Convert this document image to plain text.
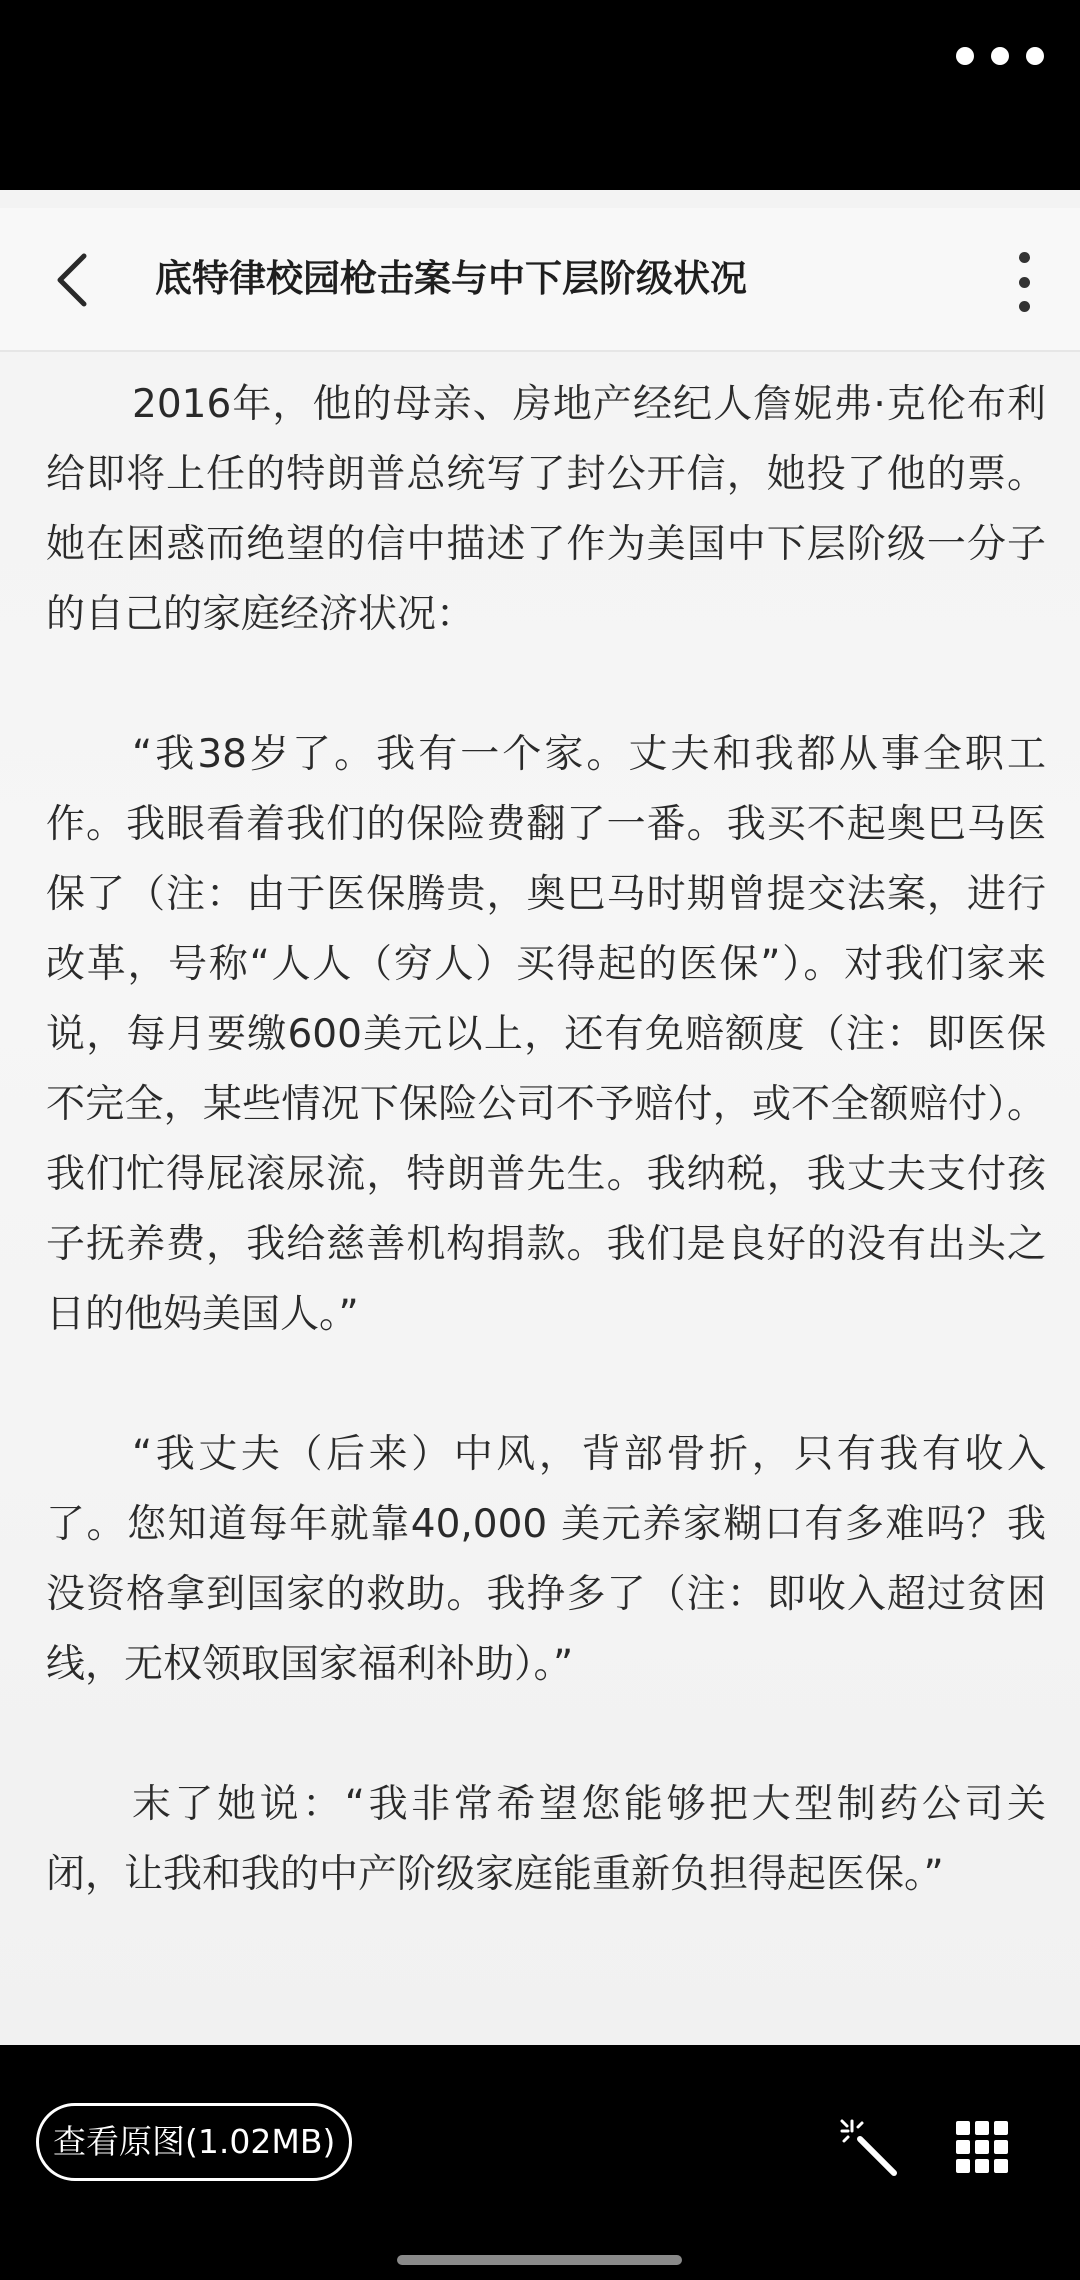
底特律校园枪击案与中下层阶级状况

2016年，他的母亲、房地产经纪人詹妮弗·克伦布利给即将上任的特朗普总统写了封公开信，她投了他的票。她在困惑而绝望的信中描述了作为美国中下层阶级一分子的自己的家庭经济状况：

“我38岁了。我有一个家。丈夫和我都从事全职工作。我眼看着我们的保险费翻了一番。我买不起奥巴马医保了（注：由于医保腾贵，奥巴马时期曾提交法案，进行改革，号称“人人（穷人）买得起的医保”）。对我们家来说，每月要缴600美元以上，还有免赔额度（注：即医保不完全，某些情况下保险公司不予赔付，或不全额赔付）。我们忙得屁滚尿流，特朗普先生。我纳税，我丈夫支付孩子抚养费，我给慈善机构捐款。我们是良好的没有出头之日的他妈美国人。”

“我丈夫（后来）中风，背部骨折，只有我有收入了。您知道每年就靠40,000 美元养家糊口有多难吗？我没资格拿到国家的救助。我挣多了（注：即收入超过贫困线，无权领取国家福利补助）。”

末了她说：“我非常希望您能够把大型制药公司关闭，让我和我的中产阶级家庭能重新负担得起医保。”

查看原图(1.02MB)
